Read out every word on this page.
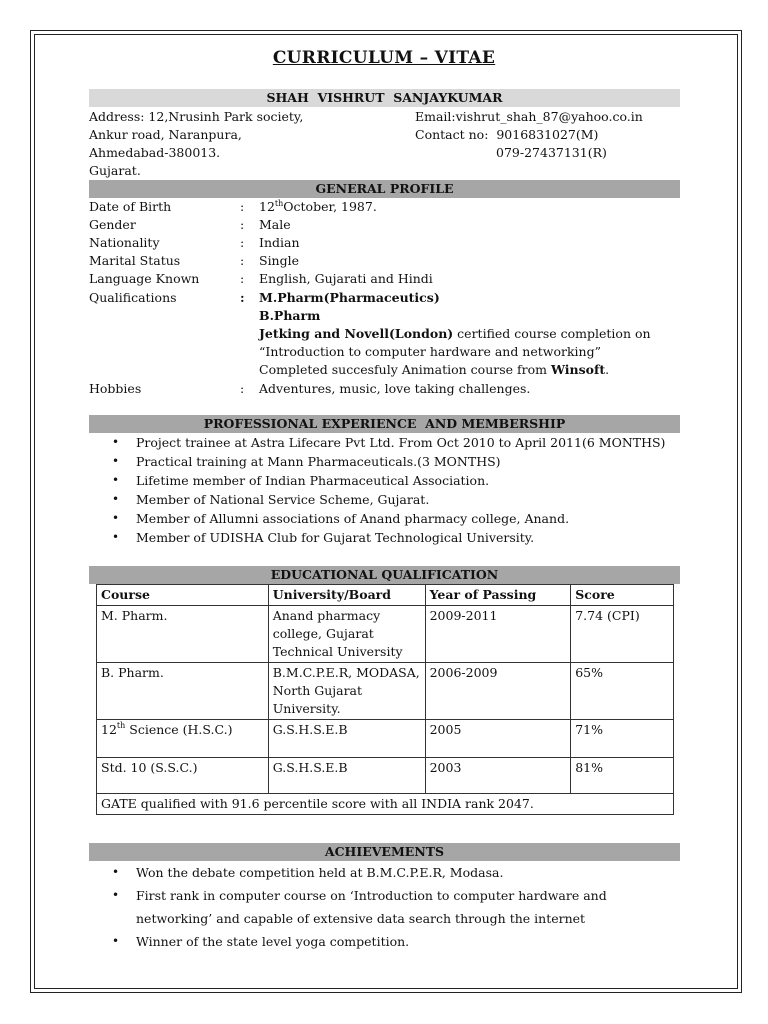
CURRICULUM – VITAE
SHAH  VISHRUT  SANJAYKUMAR
Address: 12,Nrusinh Park society,
Ankur road, Naranpura,
Ahmedabad-380013.
Gujarat.
Email:vishrut_shah_87@yahoo.co.in
Contact no:  9016831027(M)
079-27437131(R)
GENERAL PROFILE
Date of Birth	: 12thOctober, 1987.
Gender	: Male
Nationality	: Indian
Marital Status	: Single
Language Known	: English, Gujarati and Hindi
Qualifications	: M.Pharm(Pharmaceutics)
B.Pharm
Jetking and Novell(London) certified course completion on
“Introduction to computer hardware and networking”
Completed succesfuly Animation course from Winsoft.
Hobbies	: Adventures, music, love taking challenges.
PROFESSIONAL EXPERIENCE  AND MEMBERSHIP
• Project trainee at Astra Lifecare Pvt Ltd. From Oct 2010 to April 2011(6 MONTHS)
• Practical training at Mann Pharmaceuticals.(3 MONTHS)
• Lifetime member of Indian Pharmaceutical Association.
• Member of National Service Scheme, Gujarat.
• Member of Allumni associations of Anand pharmacy college, Anand.
• Member of UDISHA Club for Gujarat Technological University.
EDUCATIONAL QUALIFICATION
Course	University/Board	Year of Passing	Score
M. Pharm.	Anand pharmacy college, Gujarat Technical University	2009-2011	7.74 (CPI)
B. Pharm.	B.M.C.P.E.R, MODASA, North Gujarat University.	2006-2009	65%
12th Science (H.S.C.)	G.S.H.S.E.B	2005	71%
Std. 10 (S.S.C.)	G.S.H.S.E.B	2003	81%
GATE qualified with 91.6 percentile score with all INDIA rank 2047.			
ACHIEVEMENTS
• Won the debate competition held at B.M.C.P.E.R, Modasa.
• First rank in computer course on ‘Introduction to computer hardware and
networking’ and capable of extensive data search through the internet
• Winner of the state level yoga competition.
